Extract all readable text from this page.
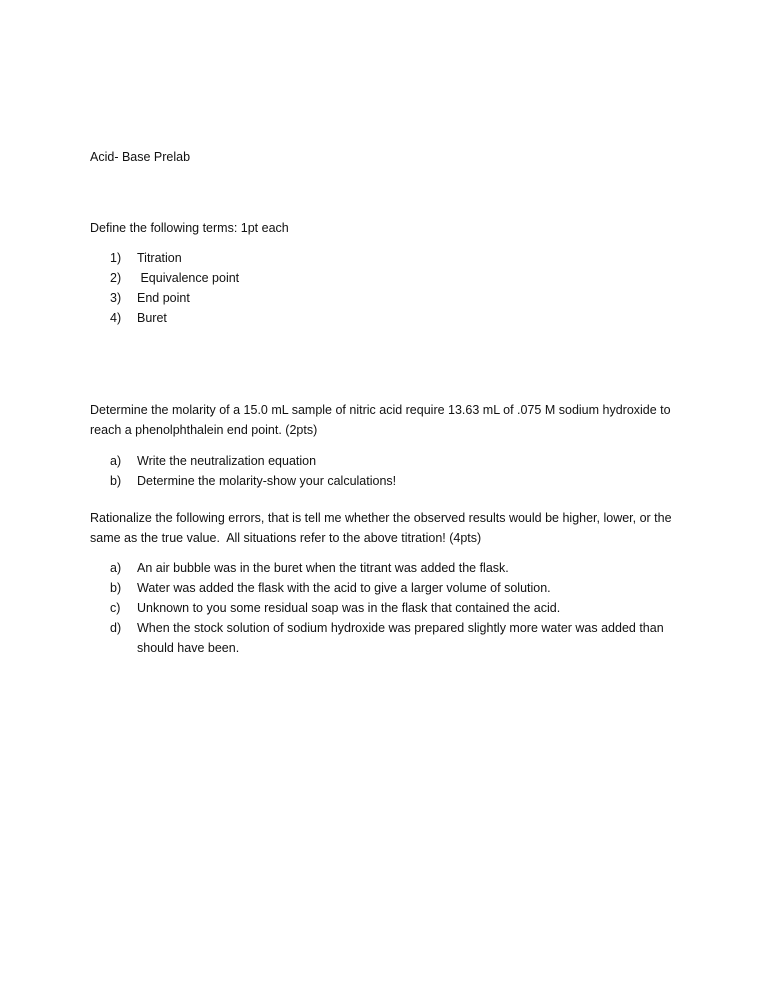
Acid- Base Prelab

Define the following terms: 1pt each

1) Titration
2) Equivalence point
3) End point
4) Buret

Determine the molarity of a 15.0 mL sample of nitric acid require 13.63 mL of .075 M sodium hydroxide to reach a phenolphthalein end point. (2pts)

a) Write the neutralization equation
b) Determine the molarity-show your calculations!

Rationalize the following errors, that is tell me whether the observed results would be higher, lower, or the same as the true value.  All situations refer to the above titration! (4pts)

a) An air bubble was in the buret when the titrant was added the flask.
b) Water was added the flask with the acid to give a larger volume of solution.
c) Unknown to you some residual soap was in the flask that contained the acid.
d) When the stock solution of sodium hydroxide was prepared slightly more water was added than should have been.
